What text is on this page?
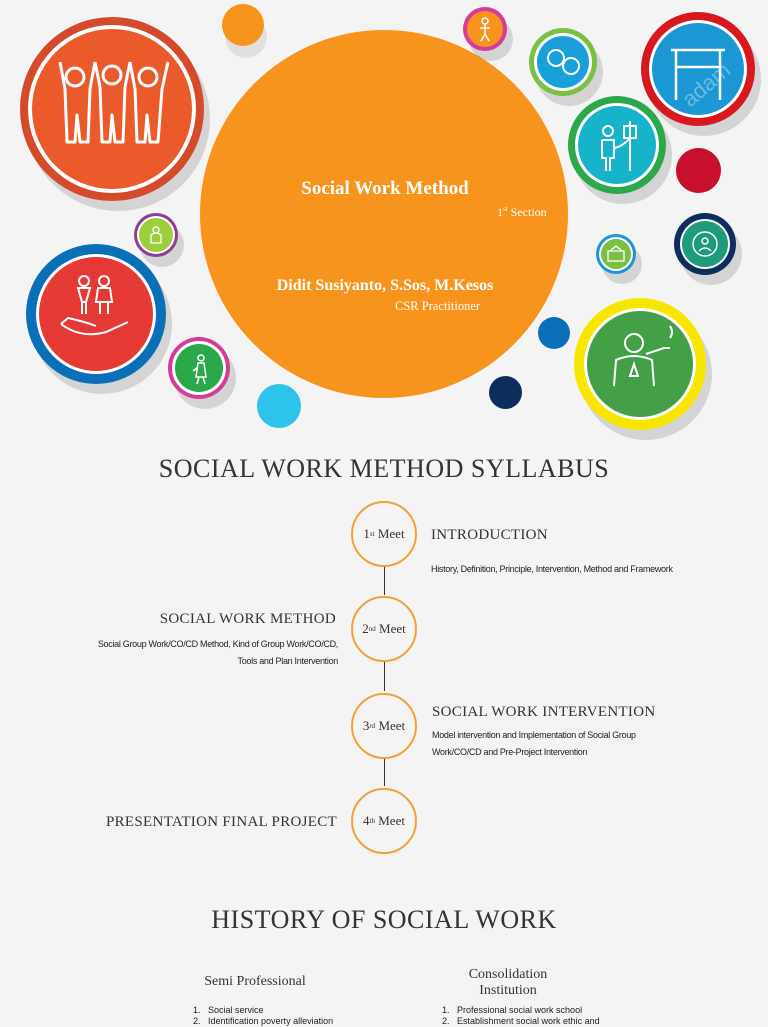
Social Work Method
1st Section
Didit Susiyanto, S.Sos, M.Kesos
CSR Practitioner
adam
SOCIAL WORK METHOD SYLLABUS
1 st
Meet INTRODUCTION
History, Definition, Principle, Intervention, Method and Framework
2 nd
Meet
SOCIAL WORK METHOD
Social Group Work/CO/CD Method, Kind of Group Work/CO/CD,
Tools and Plan Intervention
3 rd
Meet
SOCIAL WORK INTERVENTION
Model intervention and Implementation of Social Group
Work/CO/CD and Pre-Project Intervention
4 th
Meet
PRESENTATION FINAL PROJECT
HISTORY OF SOCIAL WORK
Semi Professional
1.   Social service
2.   Identification poverty alleviation
Consolidation
Institution
1.   Professional social work school
2.   Establishment social work ethic and
